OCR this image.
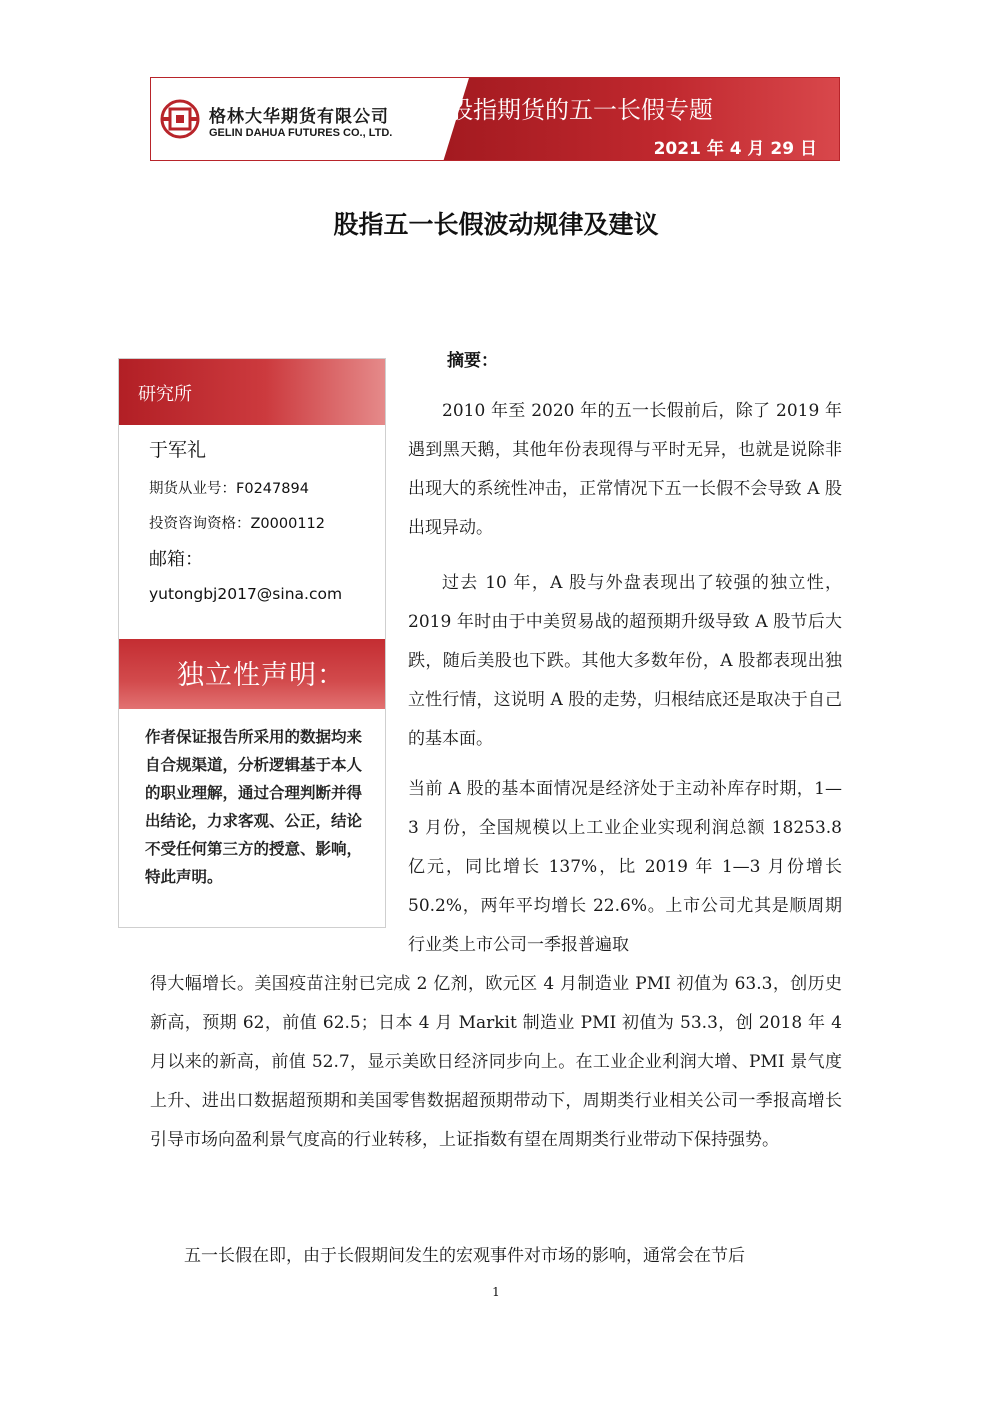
格林大华期货有限公司
GELIN DAHUA FUTURES CO., LTD.
股指期货的五一长假专题
2021 年 4 月 29 日
股指五一长假波动规律及建议
研究所
于军礼
期货从业号：F0247894
投资咨询资格：Z0000112
邮箱：
yutongbj2017@sina.com
独立性声明：
作者保证报告所采用的数据均来自合规渠道，分析逻辑基于本人的职业理解，通过合理判断并得出结论，力求客观、公正，结论不受任何第三方的授意、影响，特此声明。
摘要：
2010 年至 2020 年的五一长假前后，除了 2019 年遇到黑天鹅，其他年份表现得与平时无异，也就是说除非出现大的系统性冲击，正常情况下五一长假不会导致 A 股出现异动。
过去 10 年，A 股与外盘表现出了较强的独立性，2019 年时由于中美贸易战的超预期升级导致 A 股节后大跌，随后美股也下跌。其他大多数年份，A 股都表现出独立性行情，这说明 A 股的走势，归根结底还是取决于自己的基本面。
当前 A 股的基本面情况是经济处于主动补库存时期，1—3 月份，全国规模以上工业企业实现利润总额 18253.8 亿元，同比增长 137%，比 2019 年 1—3 月份增长 50.2%，两年平均增长 22.6%。上市公司尤其是顺周期行业类上市公司一季报普遍取
得大幅增长。美国疫苗注射已完成 2 亿剂，欧元区 4 月制造业 PMI 初值为 63.3，创历史新高，预期 62，前值 62.5；日本 4 月 Markit 制造业 PMI 初值为 53.3，创 2018 年 4 月以来的新高，前值 52.7，显示美欧日经济同步向上。在工业企业利润大增、PMI 景气度上升、进出口数据超预期和美国零售数据超预期带动下，周期类行业相关公司一季报高增长引导市场向盈利景气度高的行业转移，上证指数有望在周期类行业带动下保持强势。
五一长假在即，由于长假期间发生的宏观事件对市场的影响，通常会在节后
1
